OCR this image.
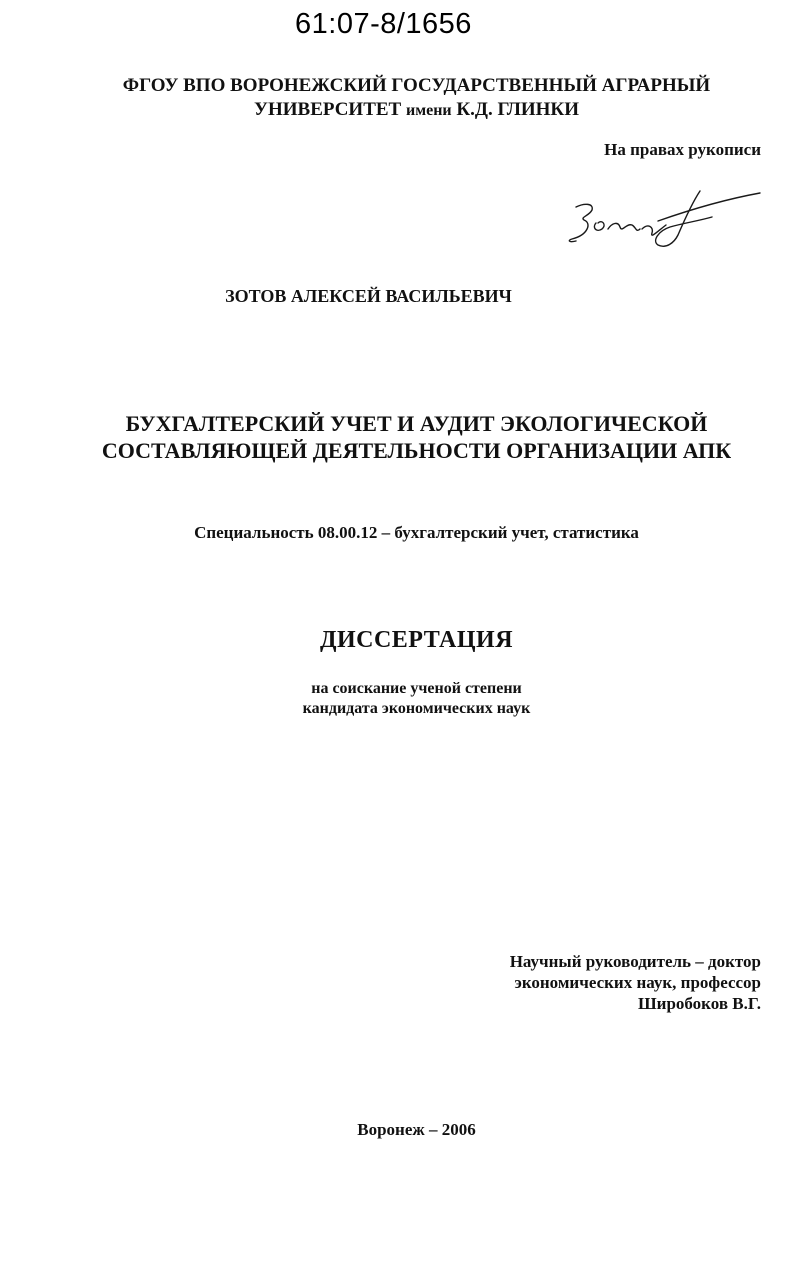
61:07-8/1656
ФГОУ ВПО ВОРОНЕЖСКИЙ ГОСУДАРСТВЕННЫЙ АГРАРНЫЙ
УНИВЕРСИТЕТ имени К.Д. ГЛИНКИ
На правах рукописи
ЗОТОВ АЛЕКСЕЙ ВАСИЛЬЕВИЧ
БУХГАЛТЕРСКИЙ УЧЕТ И АУДИТ ЭКОЛОГИЧЕСКОЙ
СОСТАВЛЯЮЩЕЙ ДЕЯТЕЛЬНОСТИ ОРГАНИЗАЦИИ АПК
Специальность 08.00.12 – бухгалтерский учет, статистика
ДИССЕРТАЦИЯ
на соискание ученой степени
кандидата экономических наук
Научный руководитель – доктор
экономических наук, профессор
Широбоков В.Г.
Воронеж – 2006
